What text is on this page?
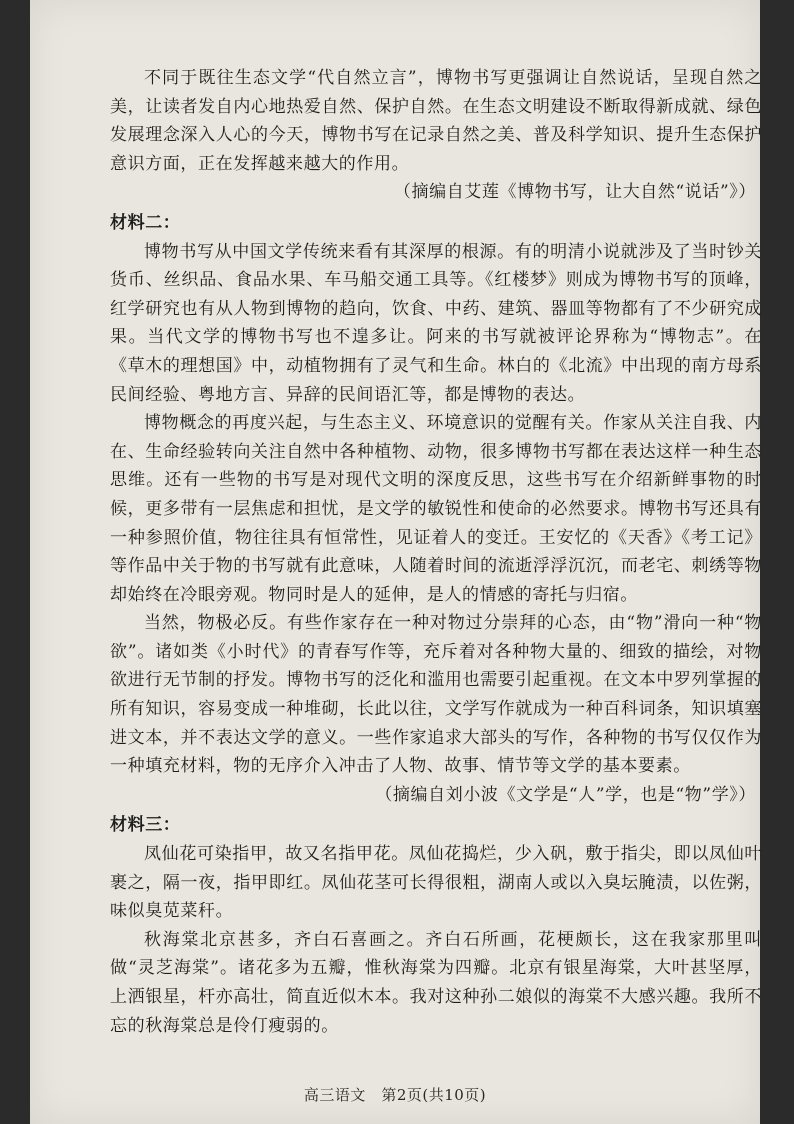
不同于既往生态文学“代自然立言”，博物书写更强调让自然说话，呈现自然之美，让读者发自内心地热爱自然、保护自然。在生态文明建设不断取得新成就、绿色发展理念深入人心的今天，博物书写在记录自然之美、普及科学知识、提升生态保护意识方面，正在发挥越来越大的作用。

（摘编自艾莲《博物书写，让大自然“说话”》）

材料二：

博物书写从中国文学传统来看有其深厚的根源。有的明清小说就涉及了当时钞关货币、丝织品、食品水果、车马船交通工具等。《红楼梦》则成为博物书写的顶峰，红学研究也有从人物到博物的趋向，饮食、中药、建筑、器皿等物都有了不少研究成果。当代文学的博物书写也不遑多让。阿来的书写就被评论界称为“博物志”。在《草木的理想国》中，动植物拥有了灵气和生命。林白的《北流》中出现的南方母系民间经验、粤地方言、异辞的民间语汇等，都是博物的表达。

博物概念的再度兴起，与生态主义、环境意识的觉醒有关。作家从关注自我、内在、生命经验转向关注自然中各种植物、动物，很多博物书写都在表达这样一种生态思维。还有一些物的书写是对现代文明的深度反思，这些书写在介绍新鲜事物的时候，更多带有一层焦虑和担忧，是文学的敏锐性和使命的必然要求。博物书写还具有一种参照价值，物往往具有恒常性，见证着人的变迁。王安忆的《天香》《考工记》等作品中关于物的书写就有此意味，人随着时间的流逝浮浮沉沉，而老宅、刺绣等物却始终在冷眼旁观。物同时是人的延伸，是人的情感的寄托与归宿。

当然，物极必反。有些作家存在一种对物过分崇拜的心态，由“物”滑向一种“物欲”。诸如类《小时代》的青春写作等，充斥着对各种物大量的、细致的描绘，对物欲进行无节制的抒发。博物书写的泛化和滥用也需要引起重视。在文本中罗列掌握的所有知识，容易变成一种堆砌，长此以往，文学写作就成为一种百科词条，知识填塞进文本，并不表达文学的意义。一些作家追求大部头的写作，各种物的书写仅仅作为一种填充材料，物的无序介入冲击了人物、故事、情节等文学的基本要素。

（摘编自刘小波《文学是“人”学，也是“物”学》）

材料三：

凤仙花可染指甲，故又名指甲花。凤仙花捣烂，少入矾，敷于指尖，即以凤仙叶裹之，隔一夜，指甲即红。凤仙花茎可长得很粗，湖南人或以入臭坛腌渍，以佐粥，味似臭苋菜秆。

秋海棠北京甚多，齐白石喜画之。齐白石所画，花梗颇长，这在我家那里叫做“灵芝海棠”。诸花多为五瓣，惟秋海棠为四瓣。北京有银星海棠，大叶甚坚厚，上洒银星，杆亦高壮，简直近似木本。我对这种孙二娘似的海棠不大感兴趣。我所不忘的秋海棠总是伶仃瘦弱的。

高三语文　第2页(共10页)
